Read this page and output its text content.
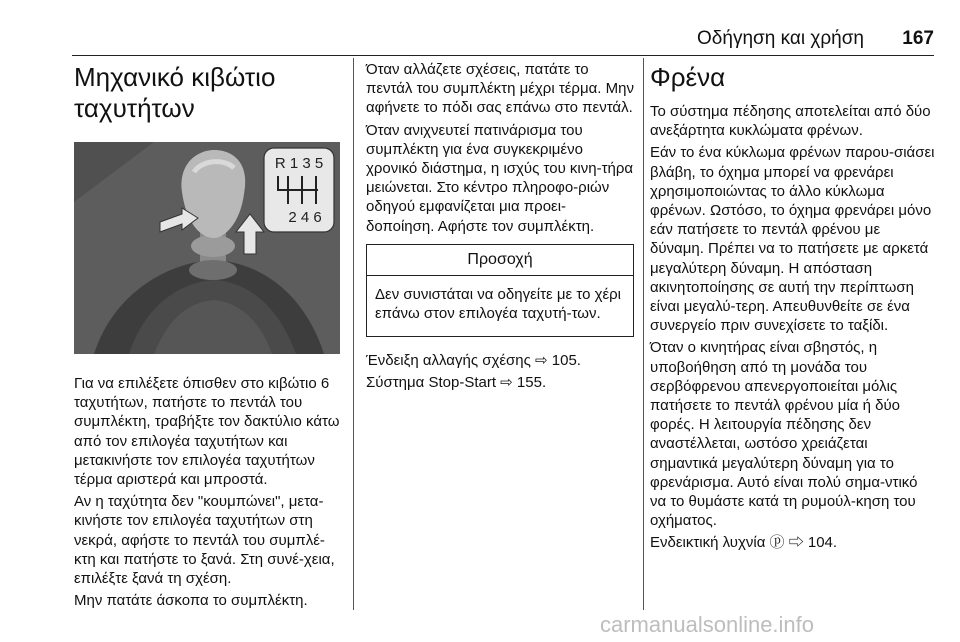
Οδήγηση και χρήση 167
Μηχανικό κιβώτιο
ταχυτήτων
R 1 3 5
2 4 6

Για να επιλέξετε όπισθεν στο κιβώτιο 6 ταχυτήτων, πατήστε το πεντάλ του συμπλέκτη, τραβήξτε τον δακτύλιο κάτω από τον επιλογέα ταχυτήτων και μετακινήστε τον επιλογέα ταχυτήτων τέρμα αριστερά και μπροστά.

Αν η ταχύτητα δεν "κουμπώνει", μετα-κινήστε τον επιλογέα ταχυτήτων στη νεκρά, αφήστε το πεντάλ του συμπλέ-κτη και πατήστε το ξανά. Στη συνέ-χεια, επιλέξτε ξανά τη σχέση.

Μην πατάτε άσκοπα το συμπλέκτη.

Όταν αλλάζετε σχέσεις, πατάτε το πεντάλ του συμπλέκτη μέχρι τέρμα. Μην αφήνετε το πόδι σας επάνω στο πεντάλ.

Όταν ανιχνευτεί πατινάρισμα του συμπλέκτη για ένα συγκεκριμένο χρονικό διάστημα, η ισχύς του κινη-τήρα μειώνεται. Στο κέντρο πληροφο-ριών οδηγού εμφανίζεται μια προει-δοποίηση. Αφήστε τον συμπλέκτη.

Προσοχή

Δεν συνιστάται να οδηγείτε με το χέρι επάνω στον επιλογέα ταχυτή-των.

Ένδειξη αλλαγής σχέσης ⇨ 105.

Σύστημα Stop-Start ⇨ 155.

Φρένα

Το σύστημα πέδησης αποτελείται από δύο ανεξάρτητα κυκλώματα φρένων.

Εάν το ένα κύκλωμα φρένων παρου-σιάσει βλάβη, το όχημα μπορεί να φρενάρει χρησιμοποιώντας το άλλο κύκλωμα φρένων. Ωστόσο, το όχημα φρενάρει μόνο εάν πατήσετε το πεντάλ φρένου με δύναμη. Πρέπει να το πατήσετε με αρκετά μεγαλύτερη δύναμη. Η απόσταση ακινητοποίησης σε αυτή την περίπτωση είναι μεγαλύ-τερη. Απευθυνθείτε σε ένα συνεργείο πριν συνεχίσετε το ταξίδι.

Όταν ο κινητήρας είναι σβηστός, η υποβοήθηση από τη μονάδα του σερβόφρενου απενεργοποιείται μόλις πατήσετε το πεντάλ φρένου μία ή δύο φορές. Η λειτουργία πέδησης δεν αναστέλλεται, ωστόσο χρειάζεται σημαντικά μεγαλύτερη δύναμη για το φρενάρισμα. Αυτό είναι πολύ σημα-ντικό να το θυμάστε κατά τη ρυμούλ-κηση του οχήματος.

Ενδεικτική λυχνία ⓟ ⇨ 104.

carmanualsonline.info
